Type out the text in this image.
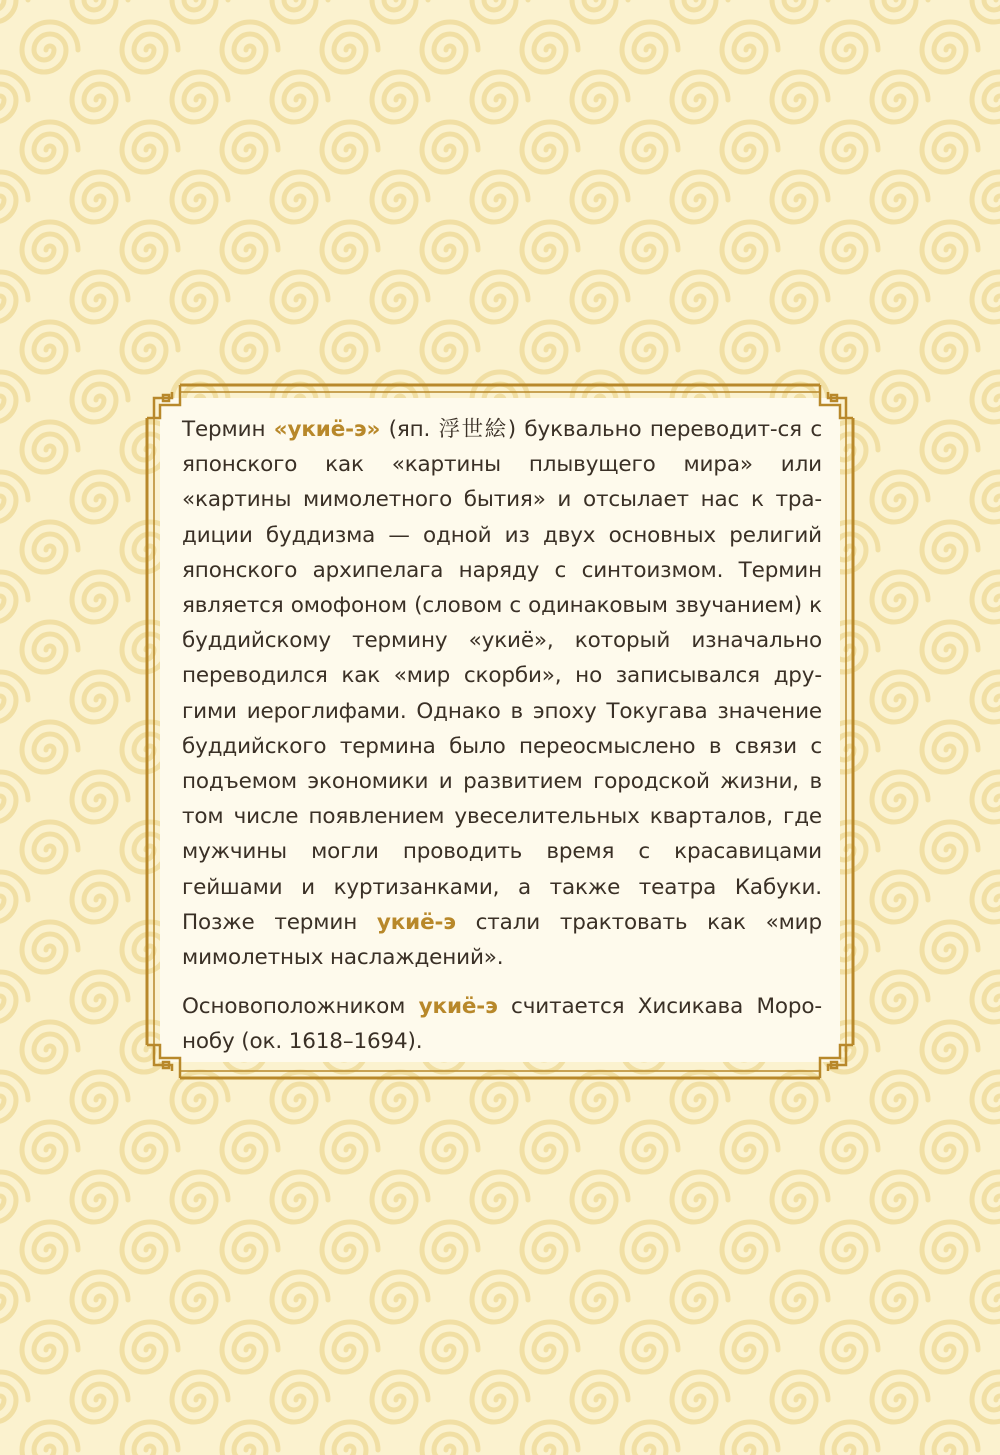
Термин «укиё-э» (яп. 浮世絵) буквально переводит-ся с японского как «картины плывущего мира» или «картины мимолетного бытия» и отсылает нас к тра-диции буддизма — одной из двух основных религий японского архипелага наряду с синтоизмом. Термин является омофоном (словом с одинаковым звучанием) к буддийскому термину «укиё», который изначально переводился как «мир скорби», но записывался дру-гими иероглифами. Однако в эпоху Токугава значение буддийского термина было переосмыслено в связи с подъемом экономики и развитием городской жизни, в том числе появлением увеселительных кварталов, где мужчины могли проводить время с красавицами гейшами и куртизанками, а также театра Кабуки. Позже термин укиё-э стали трактовать как «мир мимолетных наслаждений».

Основоположником укиё-э считается Хисикава Моро-нобу (ок. 1618–1694).
